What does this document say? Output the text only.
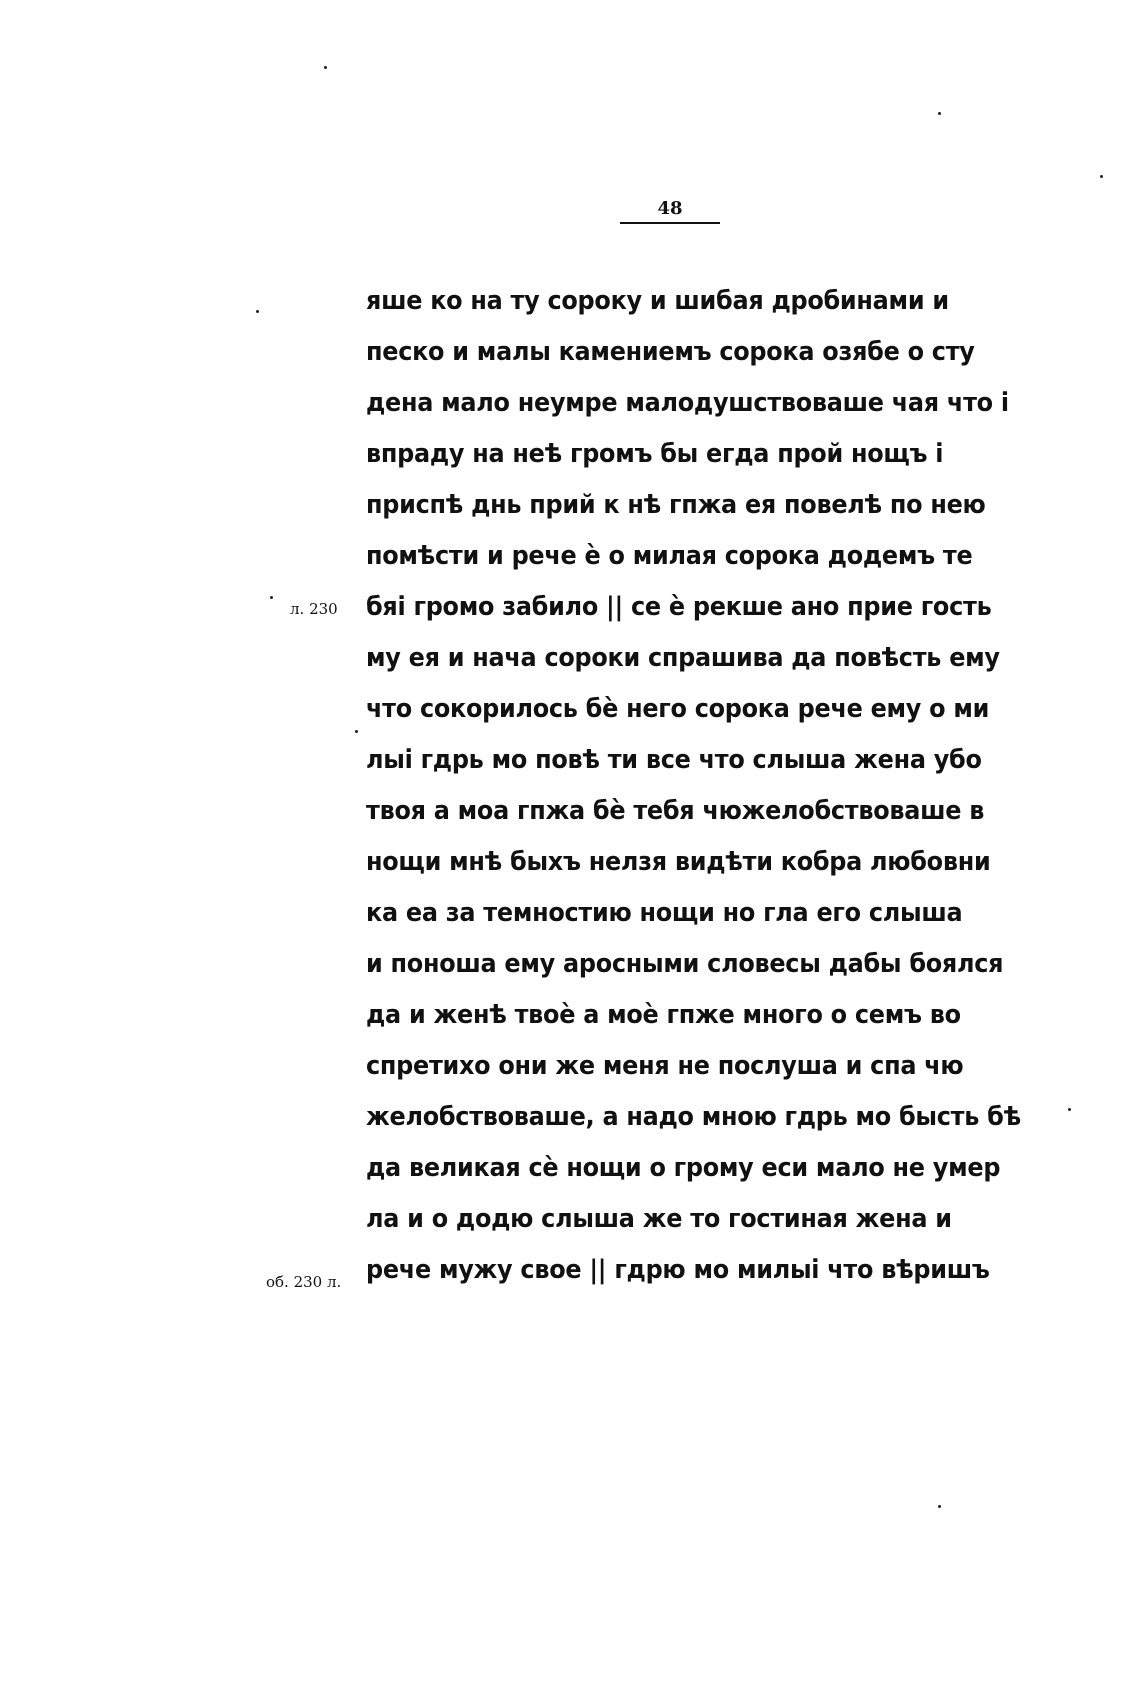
48
л. 230
об. 230 л.
яше ко на ту сороку и шибая дробинами и
песко и малы камениемъ сорока озябе о сту
дена мало неумре малодушствоваше чая что і
впраду на неѣ громъ бы егда прой нощъ і
приспѣ днь прий к нѣ гпжа ея повелѣ по нею
помѣсти и рече ѐ о милая сорока додемъ те
бяі громо забило || се ѐ рекше ано прие гость
му ея и нача сороки спрашива да повѣсть ему
что сокорилось бѐ него сорока рече ему о ми
лыі гдрь мо повѣ ти все что слыша жена убо
твоя а моа гпжа бѐ тебя чюжелобствоваше в
нощи мнѣ быхъ нелзя видѣти кобра любовни
ка еа за темностию нощи но гла его слыша
и поноша ему аросными словесы дабы боялся
да и женѣ твоѐ а моѐ гпже много о семъ во
спретихо они же меня не послуша и спа чю
желобствоваше, а надо мною гдрь мо бысть бѣ
да великая сѐ нощи о грому еси мало не умер
ла и о додю слыша же то гостиная жена и
рече мужу свое || гдрю мо милыі что вѣришъ
